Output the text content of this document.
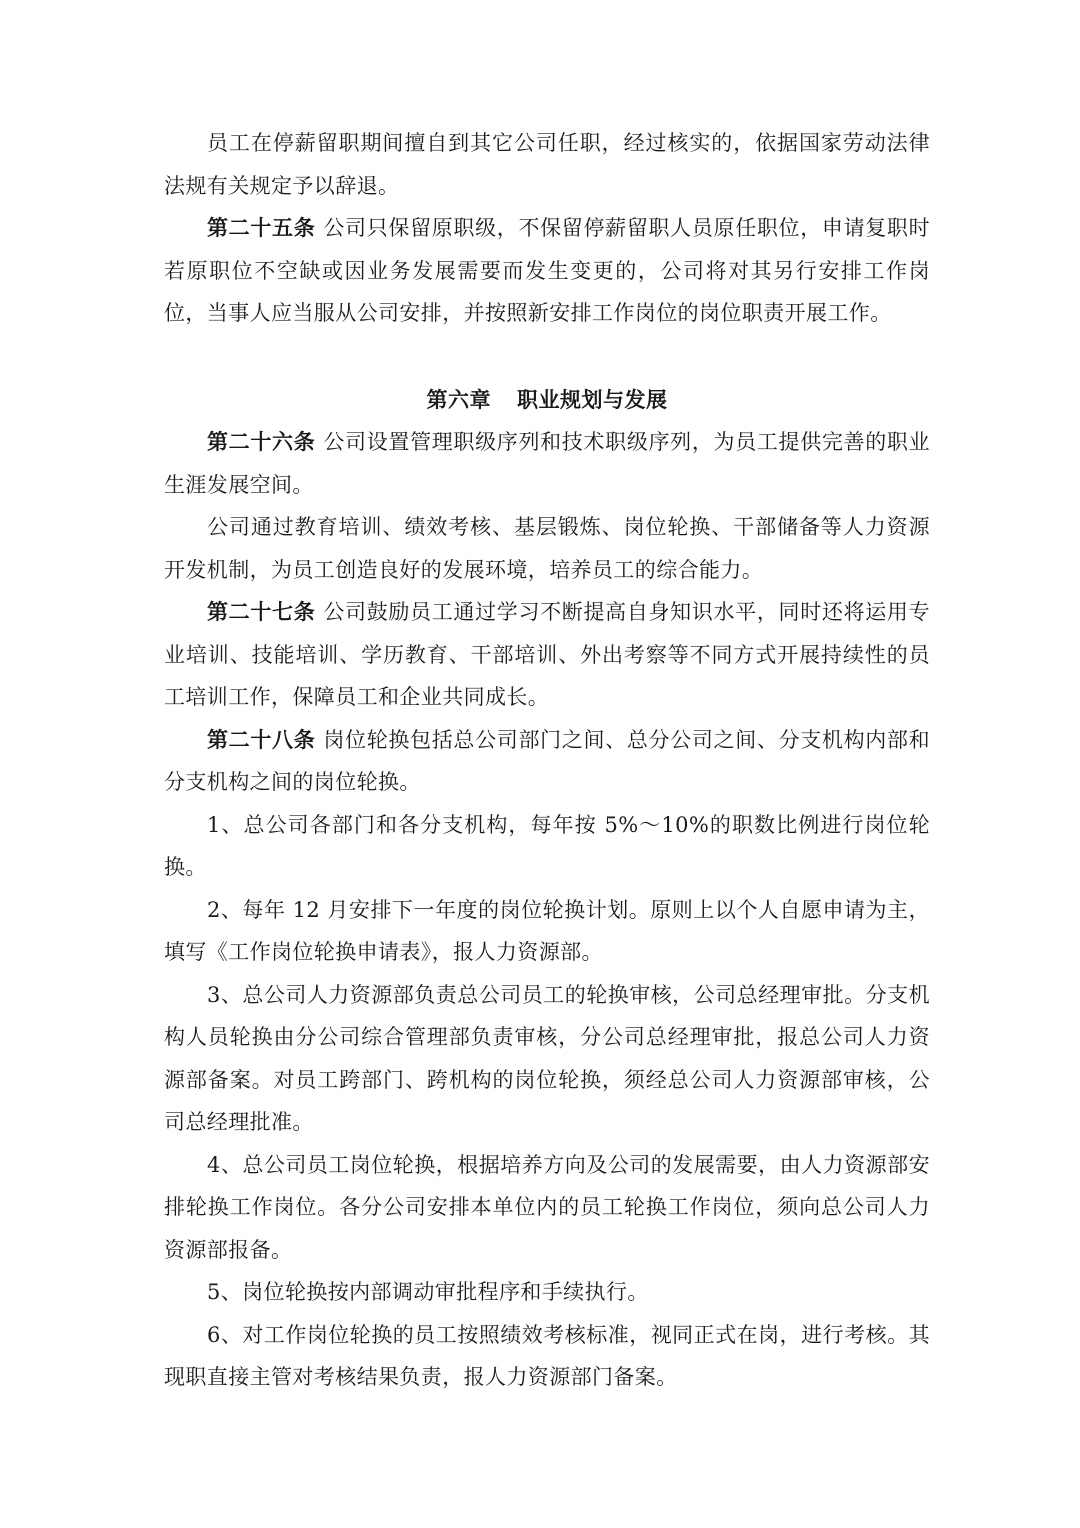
员工在停薪留职期间擅自到其它公司任职，经过核实的，依据国家劳动法律法规有关规定予以辞退。

第二十五条 公司只保留原职级，不保留停薪留职人员原任职位，申请复职时若原职位不空缺或因业务发展需要而发生变更的，公司将对其另行安排工作岗位，当事人应当服从公司安排，并按照新安排工作岗位的岗位职责开展工作。

第六章 职业规划与发展

第二十六条 公司设置管理职级序列和技术职级序列，为员工提供完善的职业生涯发展空间。

公司通过教育培训、绩效考核、基层锻炼、岗位轮换、干部储备等人力资源开发机制，为员工创造良好的发展环境，培养员工的综合能力。

第二十七条 公司鼓励员工通过学习不断提高自身知识水平，同时还将运用专业培训、技能培训、学历教育、干部培训、外出考察等不同方式开展持续性的员工培训工作，保障员工和企业共同成长。

第二十八条 岗位轮换包括总公司部门之间、总分公司之间、分支机构内部和分支机构之间的岗位轮换。

1、总公司各部门和各分支机构，每年按 5%～10%的职数比例进行岗位轮换。

2、每年 12 月安排下一年度的岗位轮换计划。原则上以个人自愿申请为主，填写《工作岗位轮换申请表》，报人力资源部。

3、总公司人力资源部负责总公司员工的轮换审核，公司总经理审批。分支机构人员轮换由分公司综合管理部负责审核，分公司总经理审批，报总公司人力资源部备案。对员工跨部门、跨机构的岗位轮换，须经总公司人力资源部审核，公司总经理批准。

4、总公司员工岗位轮换，根据培养方向及公司的发展需要，由人力资源部安排轮换工作岗位。各分公司安排本单位内的员工轮换工作岗位，须向总公司人力资源部报备。

5、岗位轮换按内部调动审批程序和手续执行。

6、对工作岗位轮换的员工按照绩效考核标准，视同正式在岗，进行考核。其现职直接主管对考核结果负责，报人力资源部门备案。
